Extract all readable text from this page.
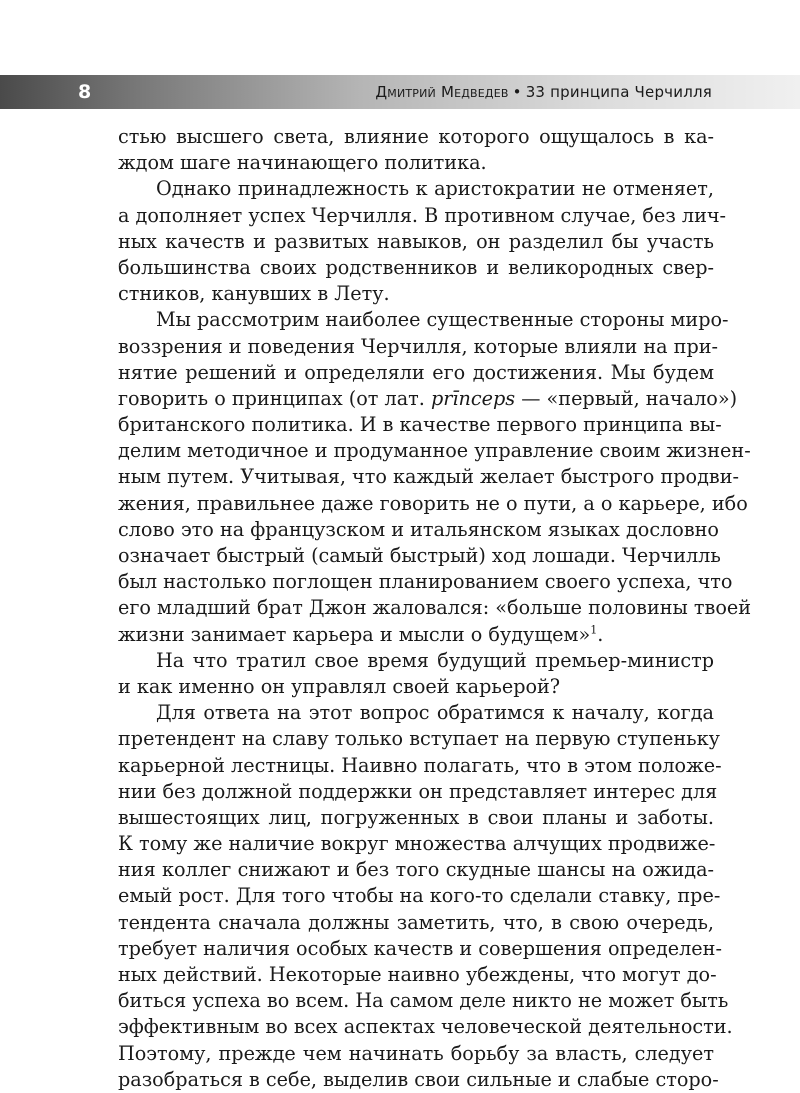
8	Дмитрий Медведев • 33 принципа Черчилля
стью высшего света, влияние которого ощущалось в ка-
ждом шаге начинающего политика.
Однако принадлежность к аристократии не отменяет,
а дополняет успех Черчилля. В противном случае, без лич-
ных качеств и развитых навыков, он разделил бы участь
большинства своих родственников и великородных свер-
стников, канувших в Лету.
Мы рассмотрим наиболее существенные стороны миро-
воззрения и поведения Черчилля, которые влияли на при-
нятие решений и определяли его достижения. Мы будем
говорить о принципах (от лат. prīnceps — «первый, начало»)
британского политика. И в качестве первого принципа вы-
делим методичное и продуманное управление своим жизнен-
ным путем. Учитывая, что каждый желает быстрого продви-
жения, правильнее даже говорить не о пути, а о карьере, ибо
слово это на французском и итальянском языках дословно
означает быстрый (самый быстрый) ход лошади. Черчилль
был настолько поглощен планированием своего успеха, что
его младший брат Джон жаловался: «больше половины твоей
жизни занимает карьера и мысли о будущем»$^1$.
На что тратил свое время будущий премьер-министр
и как именно он управлял своей карьерой?
Для ответа на этот вопрос обратимся к началу, когда
претендент на славу только вступает на первую ступеньку
карьерной лестницы. Наивно полагать, что в этом положе-
нии без должной поддержки он представляет интерес для
вышестоящих лиц, погруженных в свои планы и заботы.
К тому же наличие вокруг множества алчущих продвиже-
ния коллег снижают и без того скудные шансы на ожида-
емый рост. Для того чтобы на кого-то сделали ставку, пре-
тендента сначала должны заметить, что, в свою очередь,
требует наличия особых качеств и совершения определен-
ных действий. Некоторые наивно убеждены, что могут до-
биться успеха во всем. На самом деле никто не может быть
эффективным во всех аспектах человеческой деятельности.
Поэтому, прежде чем начинать борьбу за власть, следует
разобраться в себе, выделив свои сильные и слабые сторо-
